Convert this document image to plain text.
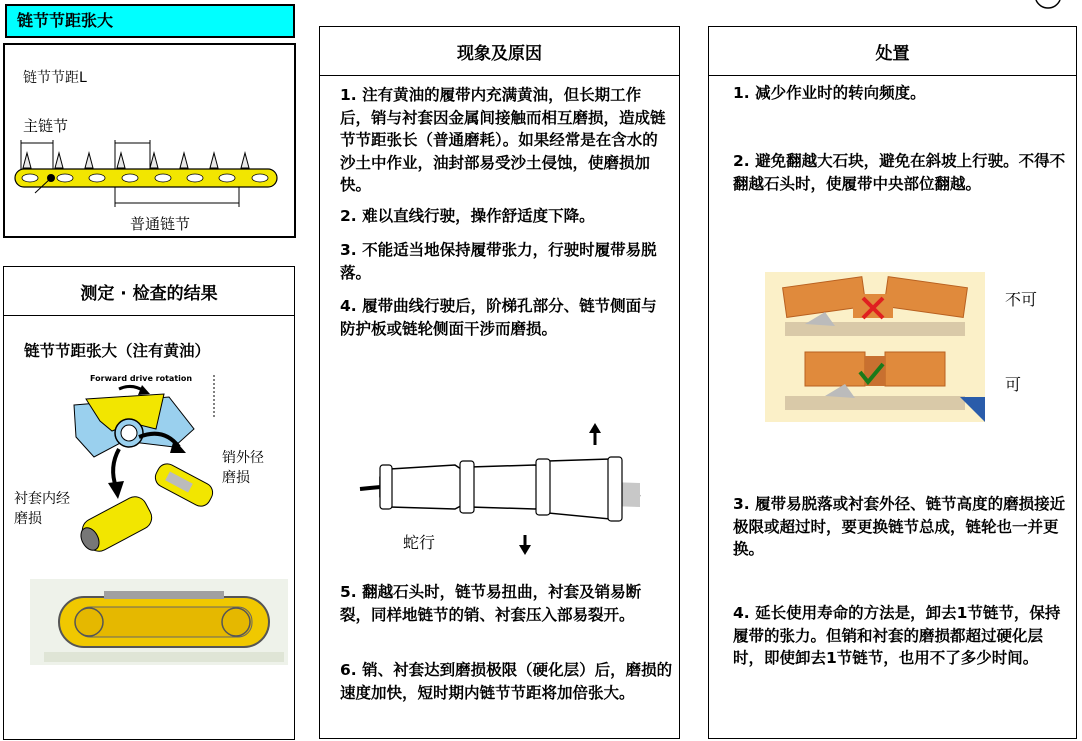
链节节距张大
链节节距L
主链节
普通链节
测定 · 检查的结果
链节节距张大（注有黄油）
Forward drive rotation
销外径
磨损
衬套内经
磨损
现象及原因
1. 注有黄油的履带内充满黄油，但长期工作后，销与衬套因金属间接触而相互磨损，造成链节节距张长（普通磨耗）。如果经常是在含水的沙土中作业，油封部易受沙土侵蚀，使磨损加快。
2. 难以直线行驶，操作舒适度下降。
3. 不能适当地保持履带张力，行驶时履带易脱落。
4. 履带曲线行驶后，阶梯孔部分、链节侧面与防护板或链轮侧面干涉而磨损。
蛇行
5. 翻越石头时，链节易扭曲，衬套及销易断裂，同样地链节的销、衬套压入部易裂开。
6. 销、衬套达到磨损极限（硬化层）后，磨损的速度加快，短时期内链节节距将加倍张大。
处置
1. 减少作业时的转向频度。
2. 避免翻越大石块，避免在斜坡上行驶。不得不翻越石头时，使履带中央部位翻越。
不可
可
3. 履带易脱落或衬套外径、链节高度的磨损接近极限或超过时，要更换链节总成，链轮也一并更换。
4. 延长使用寿命的方法是，卸去1节链节，保持履带的张力。但销和衬套的磨损都超过硬化层时，即使卸去1节链节，也用不了多少时间。
